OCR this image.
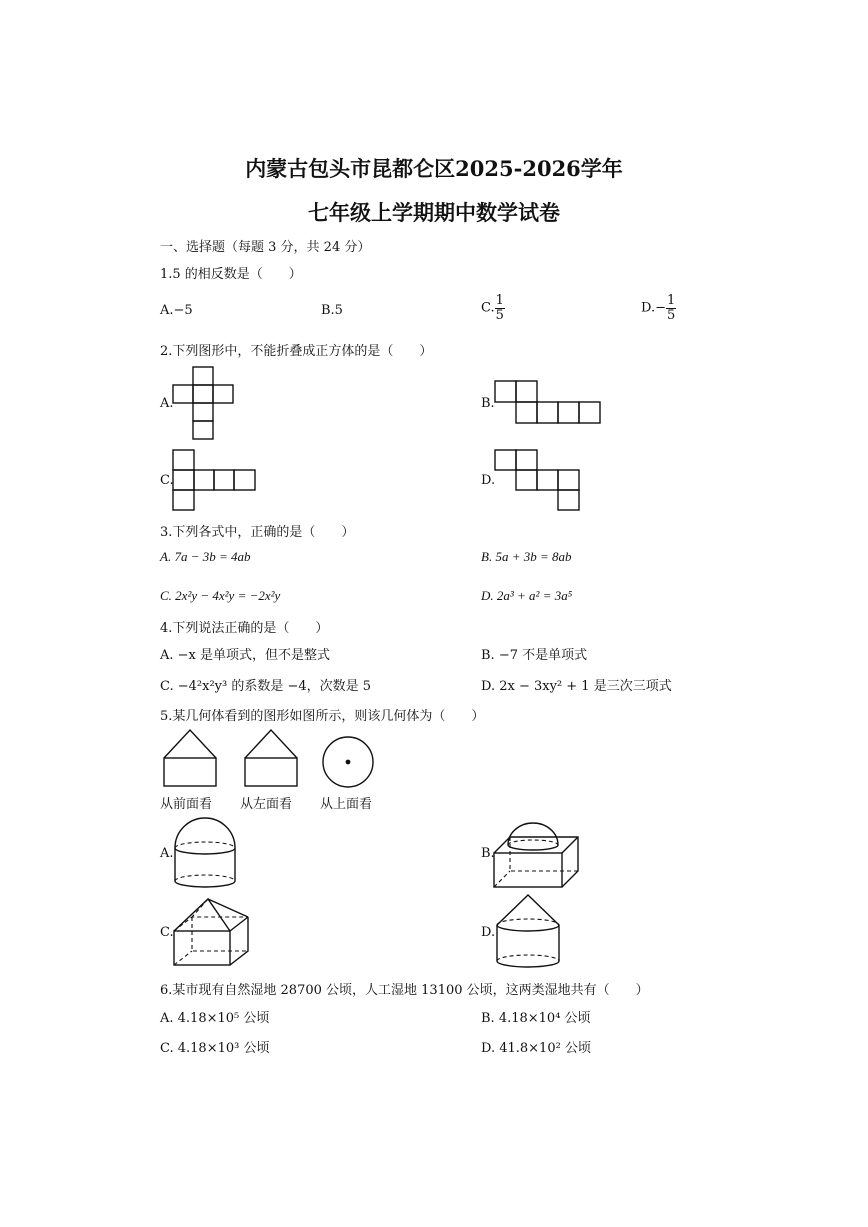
内蒙古包头市昆都仑区2025-2026学年
七年级上学期期中数学试卷
一、选择题（每题 3 分，共 24 分）
1.5 的相反数是（　　）
A.−5	B.5	C. $\frac{1}{5}$	$D.- \frac{1}{5}$
2.下列图形中，不能折叠成正方体的是（　　）
A.	B.
C.	D.
3.下列各式中，正确的是（　　）
A. 7a − 3b = 4ab	B. 5a + 3b = 8ab
C. 2x²y − 4x²y = −2x²y	D. 2a³ + a² = 3a⁵
4.下列说法正确的是（　　）
A. −x 是单项式，但不是整式	B. −7 不是单项式
C. −4²x²y³ 的系数是 −4，次数是 5	D. 2x − 3xy² + 1 是三次三项式
5.某几何体看到的图形如图所示，则该几何体为（　　）
从前面看 从左面看 从上面看
A.	B.
C.	D.
6.某市现有自然湿地 28700 公顷，人工湿地 13100 公顷，这两类湿地共有（　　）
A. 4.18×10⁵ 公顷	B. 4.18×10⁴ 公顷
C. 4.18×10³ 公顷	D. 41.8×10² 公顷
